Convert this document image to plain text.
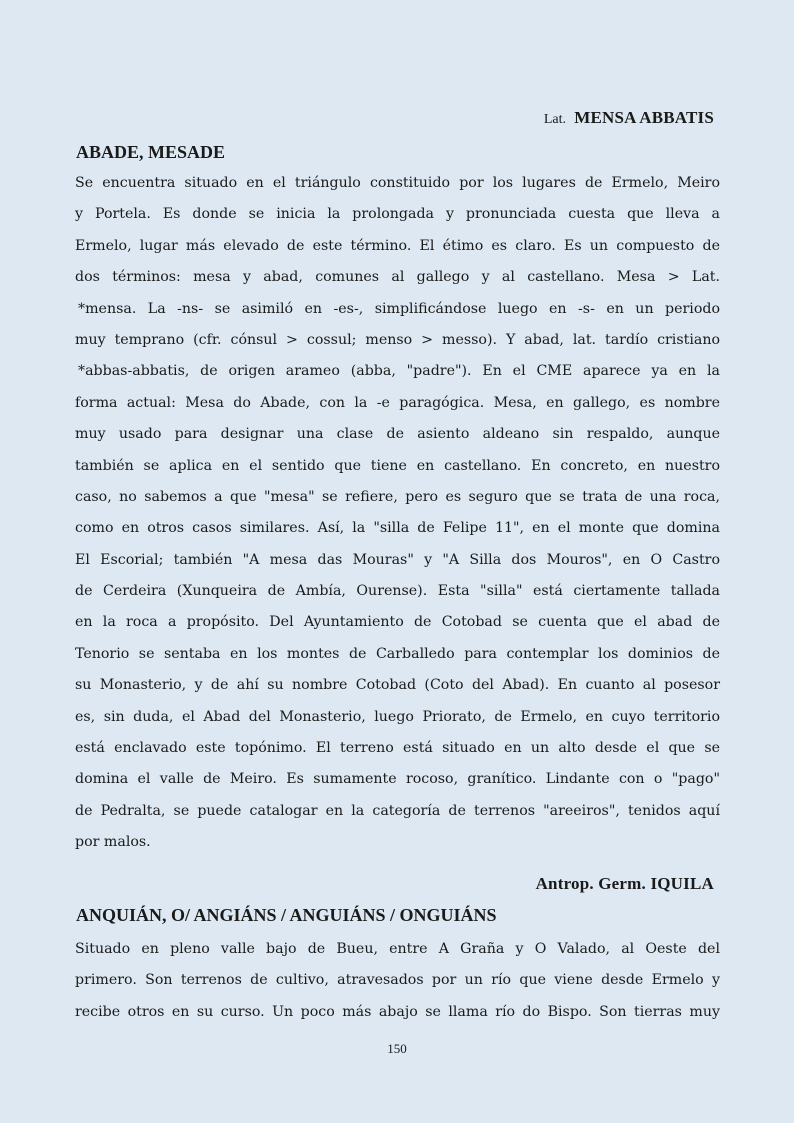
Lat. MENSA ABBATIS
ABADE, MESADE
Se encuentra situado en el triángulo constituido por los lugares de Ermelo, Meiro
y Portela. Es donde se inicia la prolongada y pronunciada cuesta que lleva a
Ermelo, lugar más elevado de este término. El étimo es claro. Es un compuesto de
dos términos: mesa y abad, comunes al gallego y al castellano. Mesa > Lat.
*mensa. La -ns- se asimiló en -es-, simplificándose luego en -s- en un periodo
muy temprano (cfr. cónsul > cossul; menso > messo). Y abad, lat. tardío cristiano
*abbas-abbatis, de origen arameo (abba, "padre"). En el CME aparece ya en la
forma actual: Mesa do Abade, con la -e paragógica. Mesa, en gallego, es nombre
muy usado para designar una clase de asiento aldeano sin respaldo, aunque
también se aplica en el sentido que tiene en castellano. En concreto, en nuestro
caso, no sabemos a que "mesa" se refiere, pero es seguro que se trata de una roca,
como en otros casos similares. Así, la "silla de Felipe 11", en el monte que domina
El Escorial; también "A mesa das Mouras" y "A Silla dos Mouros", en O Castro
de Cerdeira (Xunqueira de Ambía, Ourense). Esta "silla" está ciertamente tallada
en la roca a propósito. Del Ayuntamiento de Cotobad se cuenta que el abad de
Tenorio se sentaba en los montes de Carballedo para contemplar los dominios de
su Monasterio, y de ahí su nombre Cotobad (Coto del Abad). En cuanto al posesor
es, sin duda, el Abad del Monasterio, luego Priorato, de Ermelo, en cuyo territorio
está enclavado este topónimo. El terreno está situado en un alto desde el que se
domina el valle de Meiro. Es sumamente rocoso, granítico. Lindante con o "pago"
de Pedralta, se puede catalogar en la categoría de terrenos "areeiros", tenidos aquí
por malos.
Antrop. Germ. IQUILA
ANQUIÁN, O/ ANGIÁNS / ANGUIÁNS / ONGUIÁNS
Situado en pleno valle bajo de Bueu, entre A Graña y O Valado, al Oeste del
primero. Son terrenos de cultivo, atravesados por un río que viene desde Ermelo y
recibe otros en su curso. Un poco más abajo se llama río do Bispo. Son tierras muy
150
